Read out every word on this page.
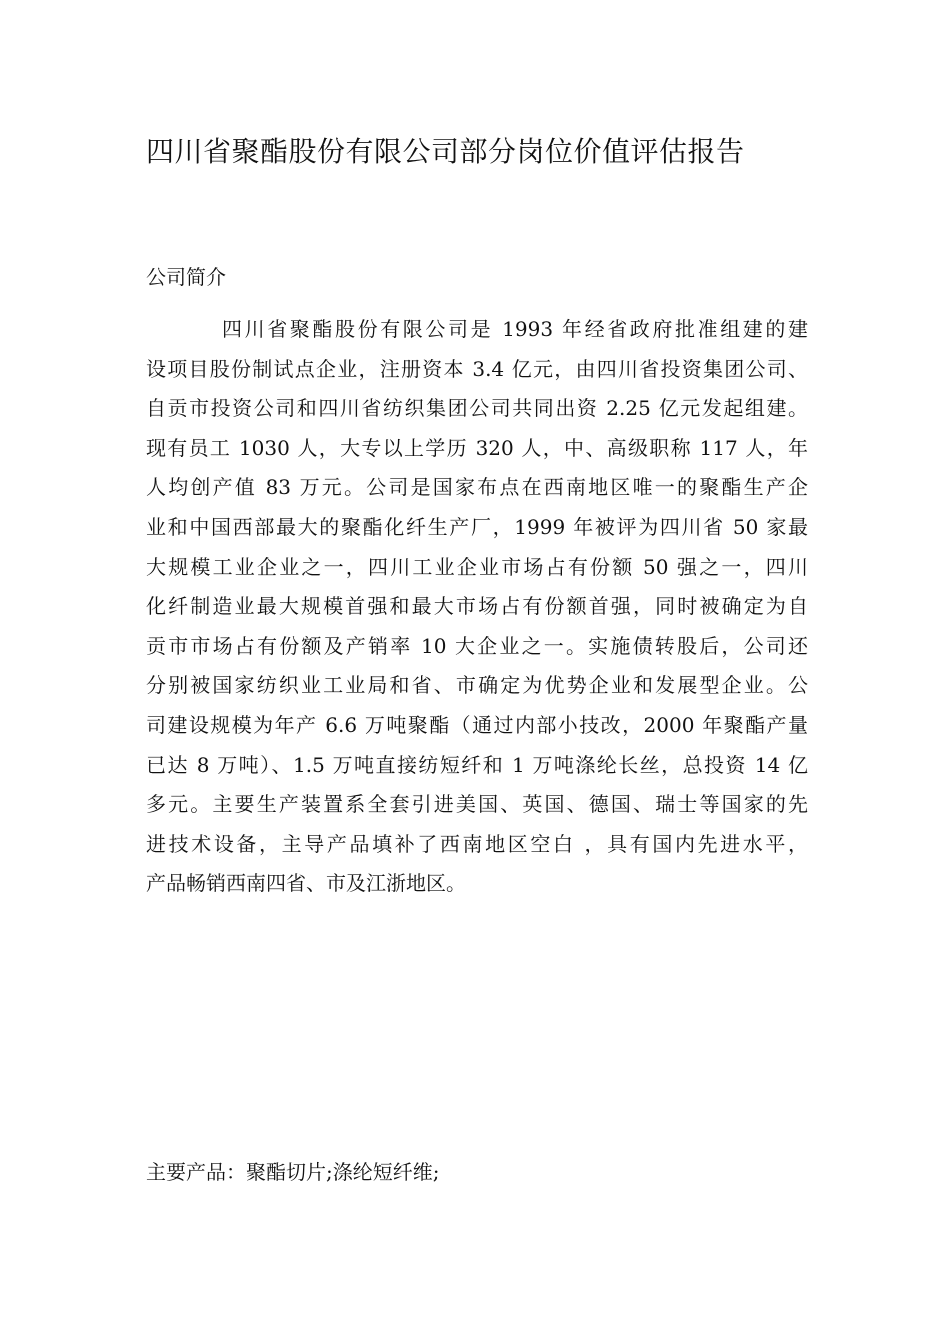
四川省聚酯股份有限公司部分岗位价值评估报告
公司简介
四川省聚酯股份有限公司是 1993 年经省政府批准组建的建
设项目股份制试点企业，注册资本 3.4 亿元，由四川省投资集团公司、
自贡市投资公司和四川省纺织集团公司共同出资 2.25 亿元发起组建。
现有员工 1030 人，大专以上学历 320 人，中、高级职称 117 人，年
人均创产值 83 万元。公司是国家布点在西南地区唯一的聚酯生产企
业和中国西部最大的聚酯化纤生产厂，1999 年被评为四川省 50 家最
大规模工业企业之一，四川工业企业市场占有份额 50 强之一，四川
化纤制造业最大规模首强和最大市场占有份额首强，同时被确定为自
贡市市场占有份额及产销率 10 大企业之一。实施债转股后，公司还
分别被国家纺织业工业局和省、市确定为优势企业和发展型企业。公
司建设规模为年产 6.6 万吨聚酯（通过内部小技改，2000 年聚酯产量
已达 8 万吨）、1.5 万吨直接纺短纤和 1 万吨涤纶长丝，总投资 14 亿
多元。主要生产装置系全套引进美国、英国、德国、瑞士等国家的先
进技术设备，主导产品填补了西南地区空白 ，具有国内先进水平，
产品畅销西南四省、市及江浙地区。

主要产品：聚酯切片;涤纶短纤维;
